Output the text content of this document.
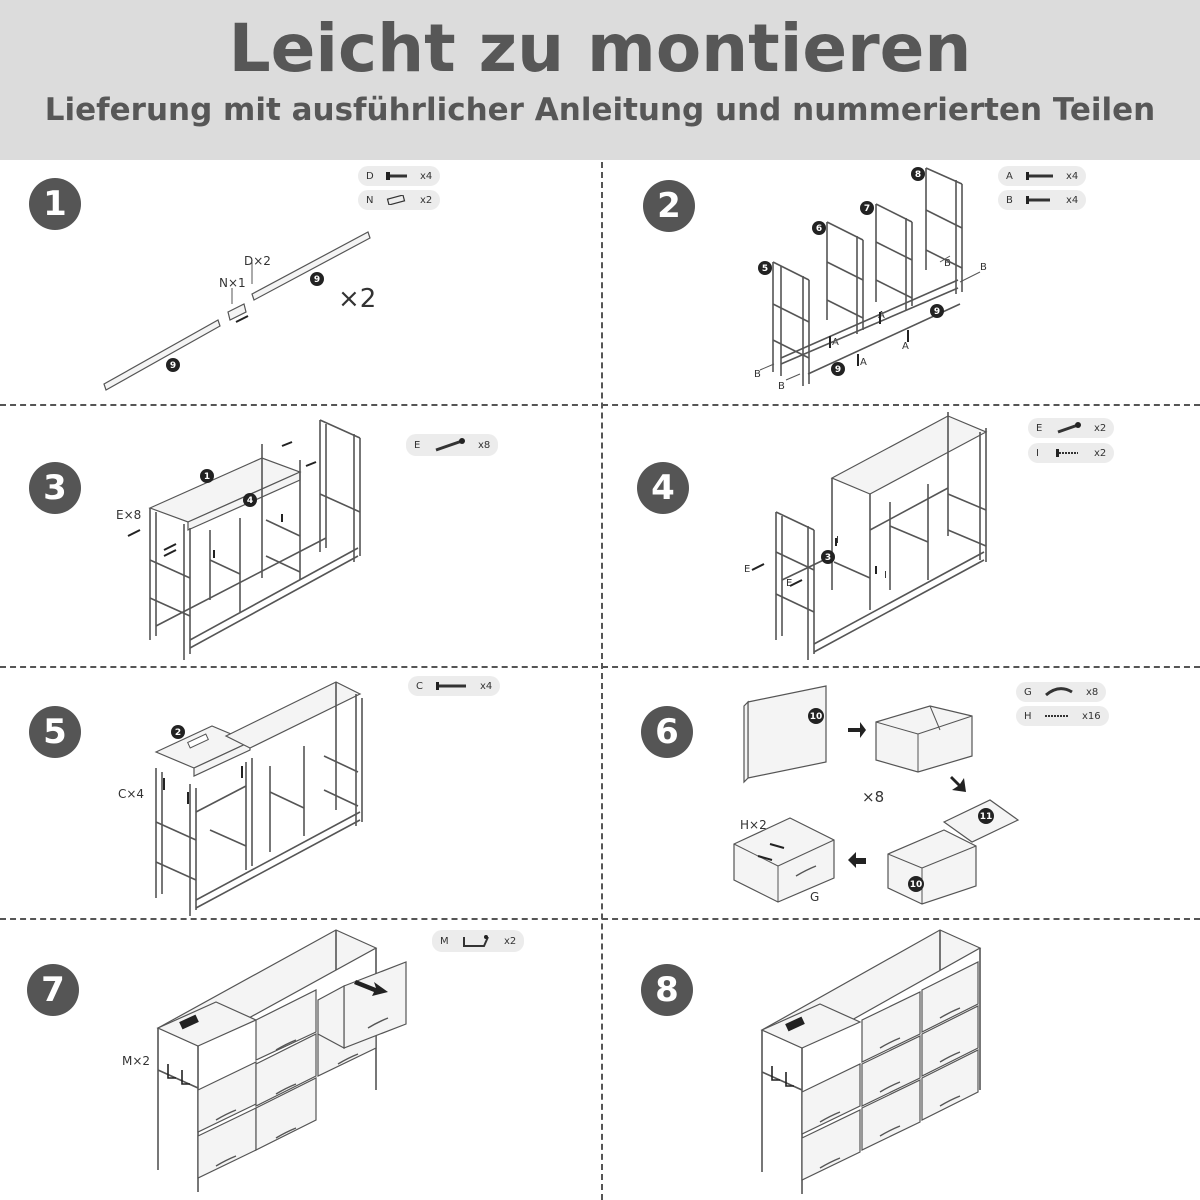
Leicht zu montieren
Lieferung mit ausführlicher Anleitung und nummerierten Teilen
1	2
3	4
5	6
7	8
D	x4
N	x2
A	x4
B	x4
E	x8
E	x2
I	x2
C	x4
G	x8
H	x16
M	x2
D×2
N×1
×2
B	B
B
B
A
A
A
A
E×8
E
E
I
I
C×4
H×2
G
×8
M×2
9
9
5
6
7
8
9
9
1
4
3
2
10
11
10
